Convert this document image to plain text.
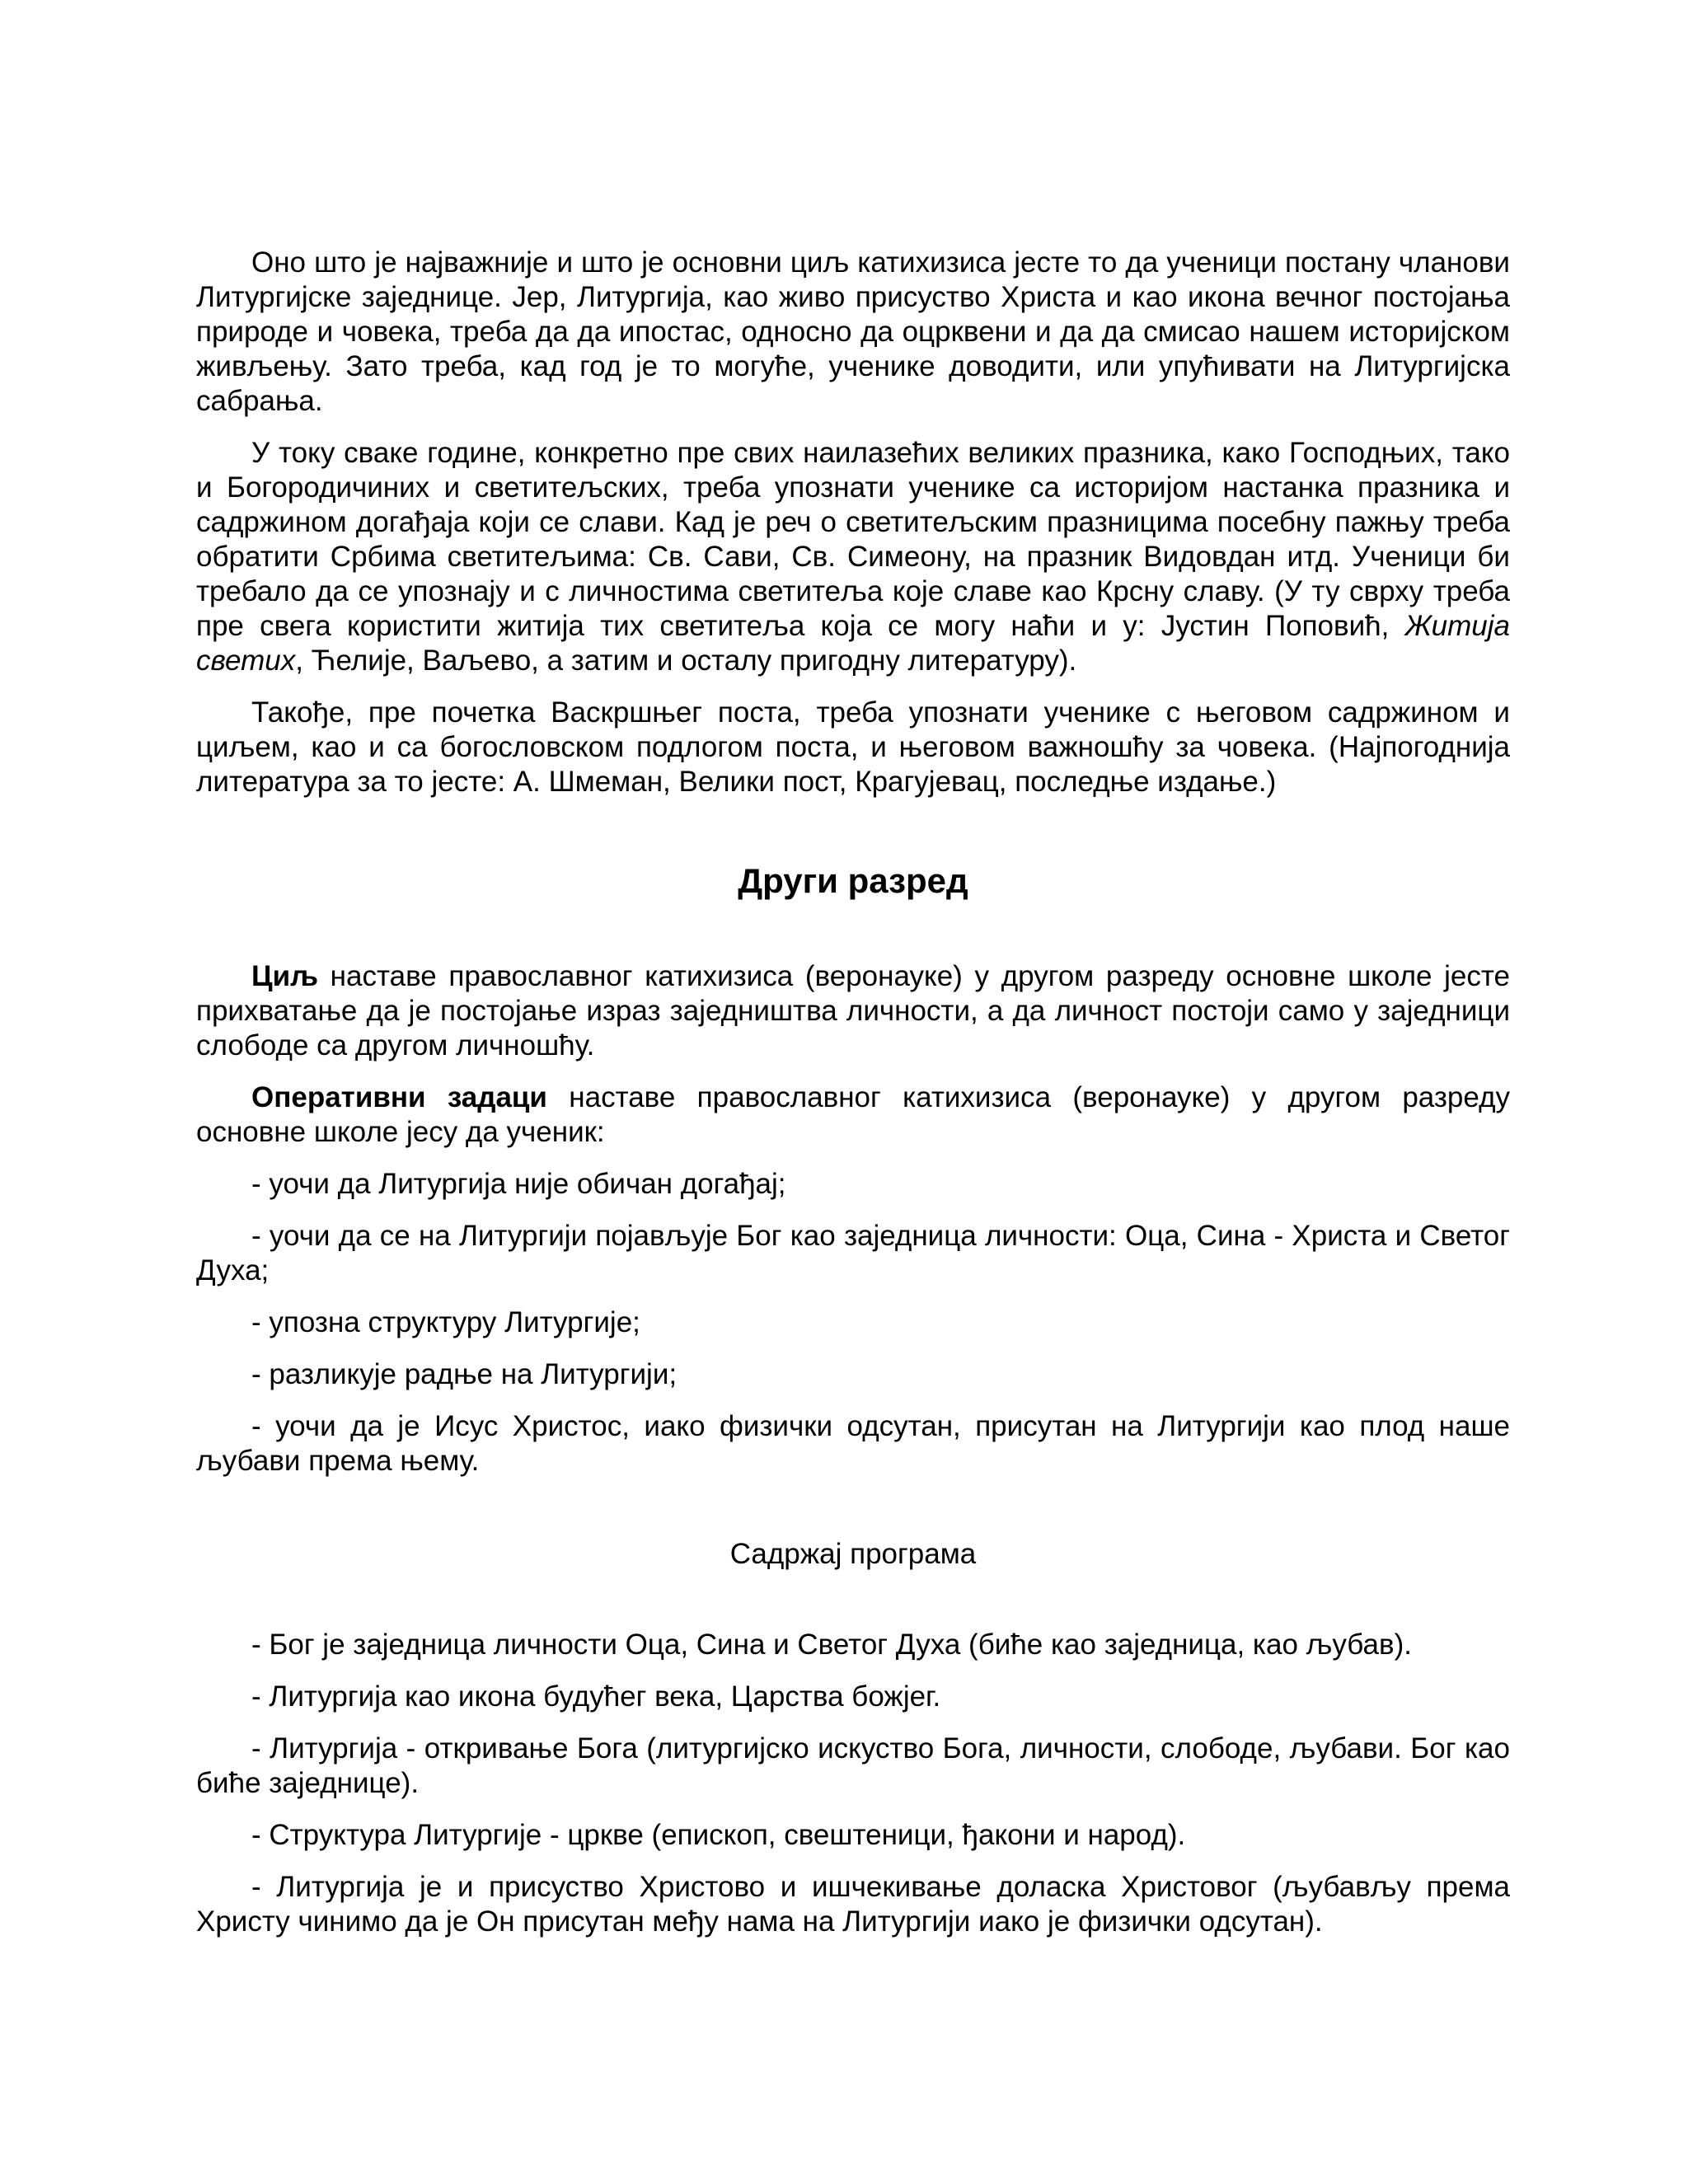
Оно што је најважније и што је основни циљ катихизиса јесте то да ученици постану чланови Литургијске заједнице. Јер, Литургија, као живо присуство Христа и као икона вечног постојања природе и човека, треба да да ипостас, односно да оцрквени и да да смисао нашем историјском живљењу. Зато треба, кад год је то могуће, ученике доводити, или упућивати на Литургијска сабрања.

У току сваке године, конкретно пре свих наилазећих великих празника, како Господњих, тако и Богородичиних и светитељских, треба упознати ученике са историјом настанка празника и садржином догађаја који се слави. Кад је реч о светитељским празницима посебну пажњу треба обратити Србима светитељима: Св. Сави, Св. Симеону, на празник Видовдан итд. Ученици би требало да се упознају и с личностима светитеља које славе као Крсну славу. (У ту сврху треба пре свега користити житија тих светитеља која се могу наћи и у: Јустин Поповић, Житија светих, Ћелије, Ваљево, а затим и осталу пригодну литературу).

Такође, пре почетка Васкршњег поста, треба упознати ученике с његовом садржином и циљем, као и са богословском подлогом поста, и његовом важношћу за човека. (Најпогоднија литература за то јесте: А. Шмеман, Велики пост, Крагујевац, последње издање.)

Други разред

Циљ наставе православног катихизиса (веронауке) у другом разреду основне школе јесте прихватање да је постојање израз заједништва личности, а да личност постоји само у заједници слободе са другом личношћу.

Оперативни задаци наставе православног катихизиса (веронауке) у другом разреду основне школе јесу да ученик:

- уочи да Литургија није обичан догађај;

- уочи да се на Литургији појављује Бог као заједница личности: Оца, Сина - Христа и Светог Духа;

- упозна структуру Литургије;

- разликује радње на Литургији;

- уочи да је Исус Христос, иако физички одсутан, присутан на Литургији као плод наше љубави према њему.

Садржај програма

- Бог је заједница личности Оца, Сина и Светог Духа (биће као заједница, као љубав).

- Литургија као икона будућег века, Царства божјег.

- Литургија - откривање Бога (литургијско искуство Бога, личности, слободе, љубави. Бог као биће заједнице).

- Структура Литургије - цркве (епископ, свештеници, ђакони и народ).

- Литургија је и присуство Христово и ишчекивање доласка Христовог (љубављу према Христу чинимо да је Он присутан међу нама на Литургији иако је физички одсутан).
